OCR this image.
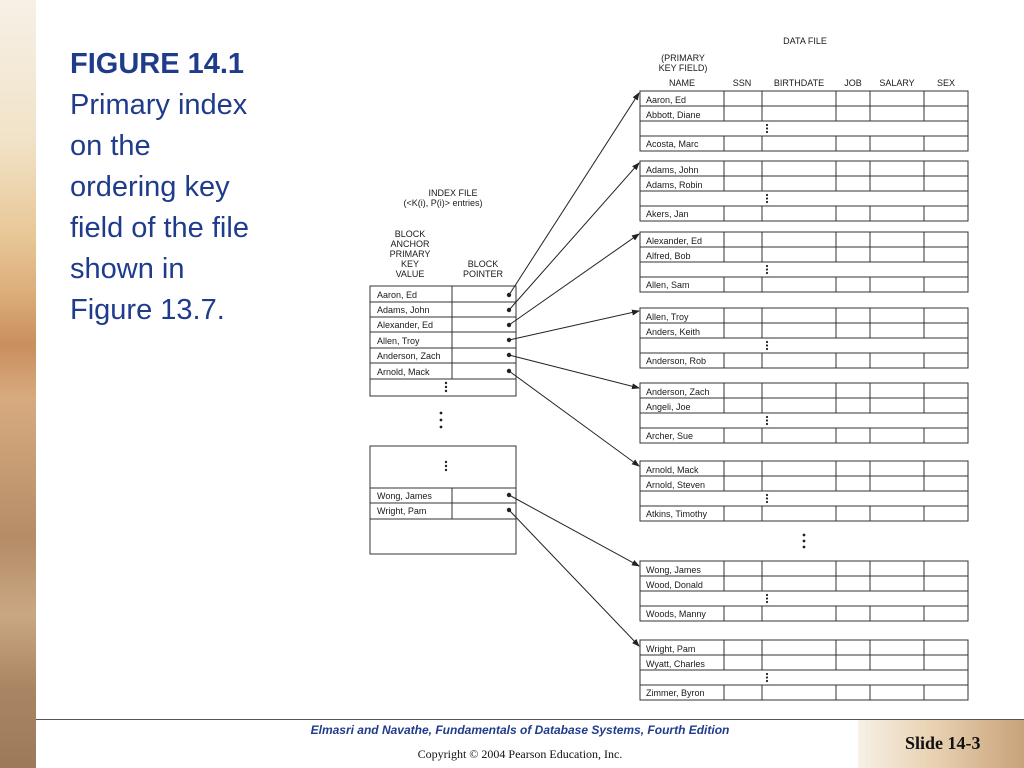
FIGURE 14.1
Primary index
on the
ordering key
field of the file
shown in
Figure 13.7.
DATA FILE
(PRIMARY
KEY FIELD)
NAME	SSN	BIRTHDATE JOB SALARY SEX
INDEX FILE
(<K(i), P(i)> entries)
BLOCK
ANCHOR
PRIMARY
KEY
VALUE
BLOCK
POINTER
Aaron, Ed
Adams, John
Alexander, Ed
Allen, Troy
Anderson, Zach
Arnold, Mack
Wong, James
Wright, Pam
Aaron, Ed
Abbott, Diane
Acosta, Marc
Adams, John
Adams, Robin
Akers, Jan
Alexander, Ed
Alfred, Bob
Allen, Sam
Allen, Troy
Anders, Keith
Anderson, Rob
Anderson, Zach
Angeli, Joe
Archer, Sue
Arnold, Mack
Arnold, Steven
Atkins, Timothy
Wong, James
Wood, Donald
Woods, Manny
Wright, Pam
Wyatt, Charles
Zimmer, Byron
Elmasri and Navathe, Fundamentals of Database Systems, Fourth Edition
Copyright © 2004 Pearson Education, Inc.
Slide 14-3
